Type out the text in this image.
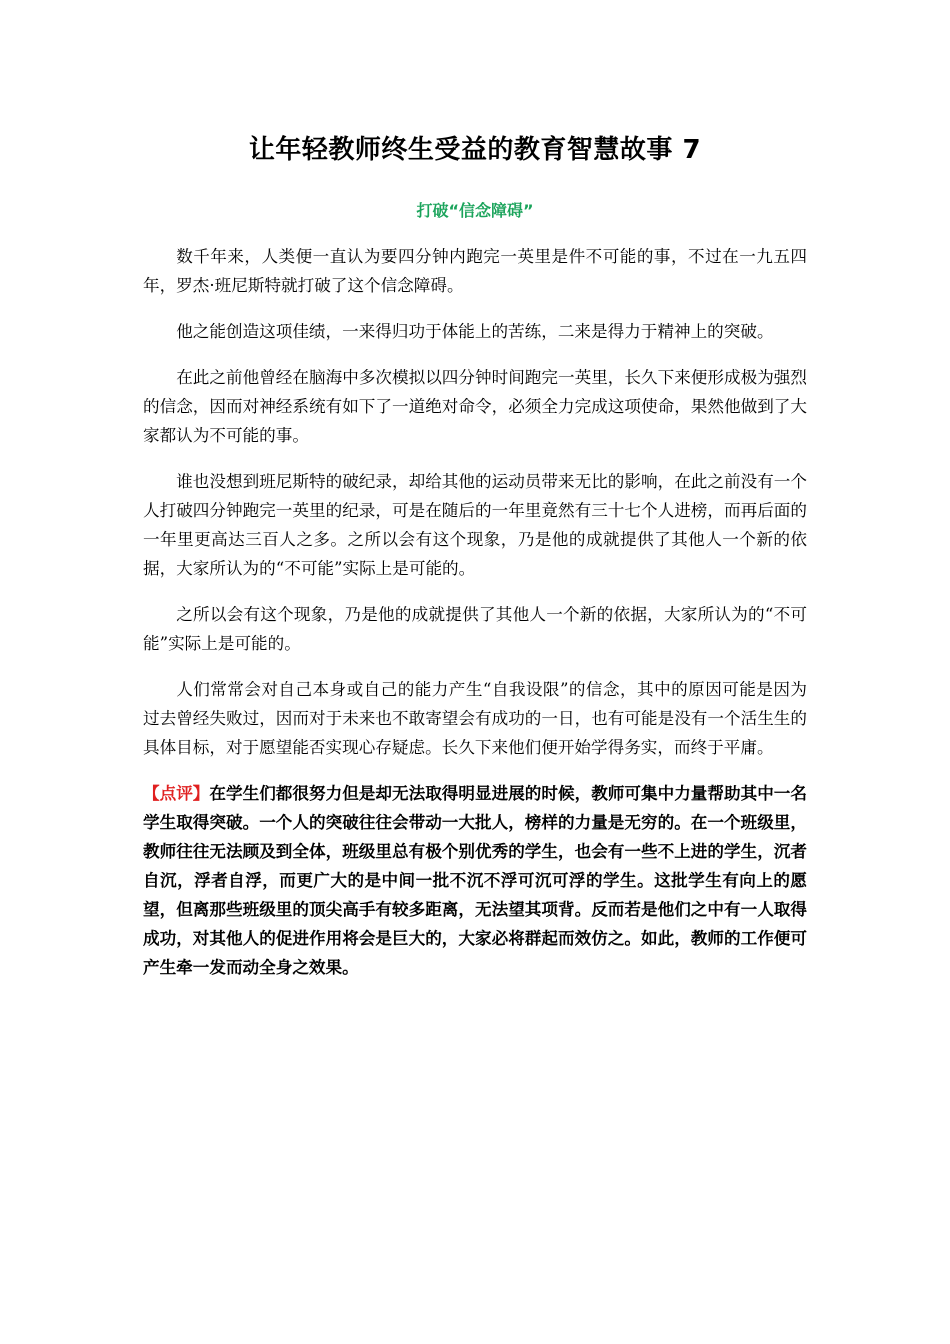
让年轻教师终生受益的教育智慧故事 7
打破“信念障碍”

数千年来，人类便一直认为要四分钟内跑完一英里是件不可能的事，不过在一九五四年，罗杰·班尼斯特就打破了这个信念障碍。

他之能创造这项佳绩，一来得归功于体能上的苦练，二来是得力于精神上的突破。

在此之前他曾经在脑海中多次模拟以四分钟时间跑完一英里，长久下来便形成极为强烈的信念，因而对神经系统有如下了一道绝对命令，必须全力完成这项使命，果然他做到了大家都认为不可能的事。

谁也没想到班尼斯特的破纪录，却给其他的运动员带来无比的影响，在此之前没有一个人打破四分钟跑完一英里的纪录，可是在随后的一年里竟然有三十七个人进榜，而再后面的一年里更高达三百人之多。之所以会有这个现象，乃是他的成就提供了其他人一个新的依据，大家所认为的“不可能”实际上是可能的。

之所以会有这个现象，乃是他的成就提供了其他人一个新的依据，大家所认为的“不可能”实际上是可能的。

人们常常会对自己本身或自己的能力产生“自我设限”的信念，其中的原因可能是因为过去曾经失败过，因而对于未来也不敢寄望会有成功的一日，也有可能是没有一个活生生的具体目标，对于愿望能否实现心存疑虑。长久下来他们便开始学得务实，而终于平庸。

【点评】在学生们都很努力但是却无法取得明显进展的时候，教师可集中力量帮助其中一名学生取得突破。一个人的突破往往会带动一大批人，榜样的力量是无穷的。在一个班级里，教师往往无法顾及到全体，班级里总有极个别优秀的学生，也会有一些不上进的学生，沉者自沉，浮者自浮，而更广大的是中间一批不沉不浮可沉可浮的学生。这批学生有向上的愿望，但离那些班级里的顶尖高手有较多距离，无法望其项背。反而若是他们之中有一人取得成功，对其他人的促进作用将会是巨大的，大家必将群起而效仿之。如此，教师的工作便可产生牵一发而动全身之效果。
